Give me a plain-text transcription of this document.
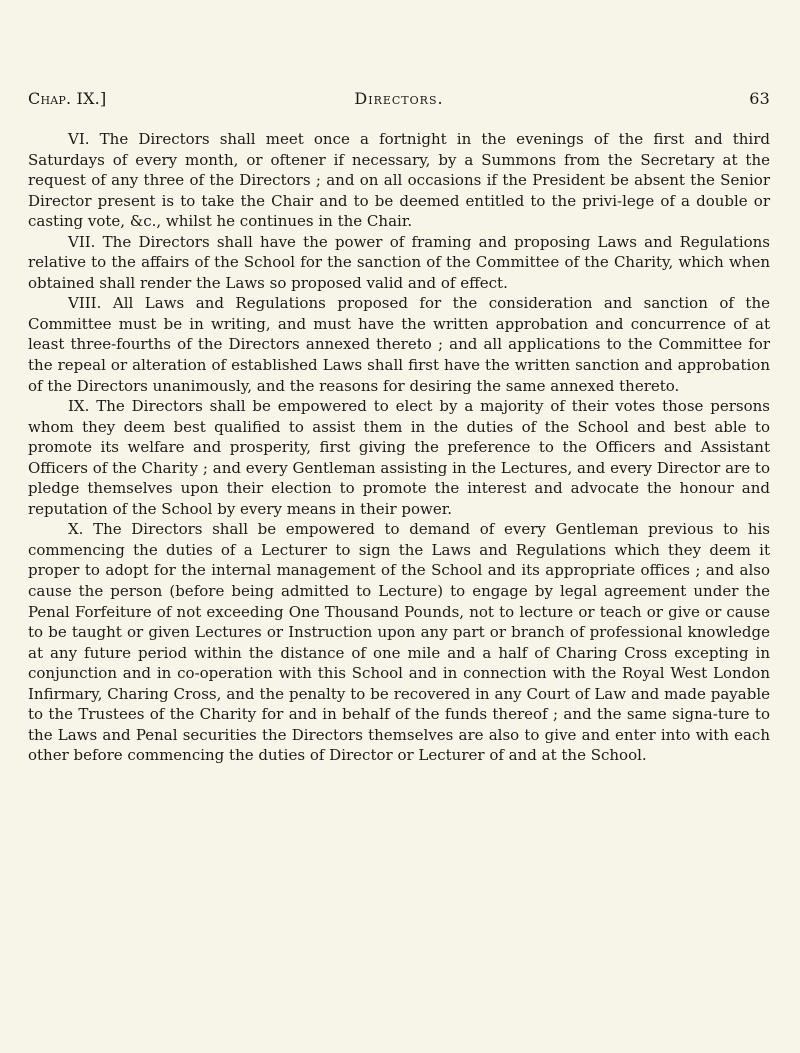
Chap. IX.]	Directors.	63

VI. The Directors shall meet once a fortnight in the evenings of the first and third Saturdays of every month, or oftener if necessary, by a Summons from the Secretary at the request of any three of the Directors ; and on all occasions if the President be absent the Senior Director present is to take the Chair and to be deemed entitled to the privi-lege of a double or casting vote, &c., whilst he continues in the Chair.

VII. The Directors shall have the power of framing and proposing Laws and Regulations relative to the affairs of the School for the sanction of the Committee of the Charity, which when obtained shall render the Laws so proposed valid and of effect.

VIII. All Laws and Regulations proposed for the consideration and sanction of the Committee must be in writing, and must have the written approbation and concurrence of at least three-fourths of the Directors annexed thereto ; and all applications to the Committee for the repeal or alteration of established Laws shall first have the written sanction and approbation of the Directors unanimously, and the reasons for desiring the same annexed thereto.

IX. The Directors shall be empowered to elect by a majority of their votes those persons whom they deem best qualified to assist them in the duties of the School and best able to promote its welfare and prosperity, first giving the preference to the Officers and Assistant Officers of the Charity ; and every Gentleman assisting in the Lectures, and every Director are to pledge themselves upon their election to promote the interest and advocate the honour and reputation of the School by every means in their power.

X. The Directors shall be empowered to demand of every Gentleman previous to his commencing the duties of a Lecturer to sign the Laws and Regulations which they deem it proper to adopt for the internal management of the School and its appropriate offices ; and also cause the person (before being admitted to Lecture) to engage by legal agreement under the Penal Forfeiture of not exceeding One Thousand Pounds, not to lecture or teach or give or cause to be taught or given Lectures or Instruction upon any part or branch of professional knowledge at any future period within the distance of one mile and a half of Charing Cross excepting in conjunction and in co-operation with this School and in connection with the Royal West London Infirmary, Charing Cross, and the penalty to be recovered in any Court of Law and made payable to the Trustees of the Charity for and in behalf of the funds thereof ; and the same signa-ture to the Laws and Penal securities the Directors themselves are also to give and enter into with each other before commencing the duties of Director or Lecturer of and at the School.
